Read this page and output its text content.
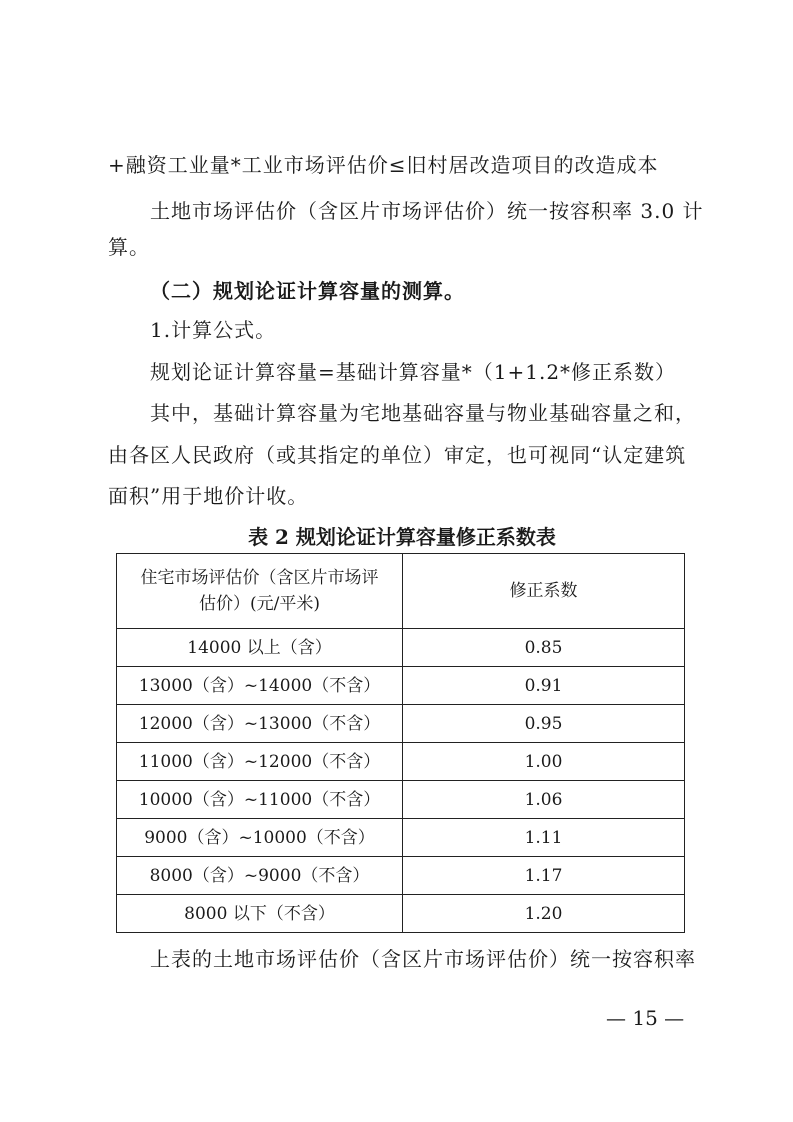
+融资工业量*工业市场评估价≤旧村居改造项目的改造成本
土地市场评估价（含区片市场评估价）统一按容积率 3.0 计
算。
（二）规划论证计算容量的测算。
1.计算公式。
规划论证计算容量=基础计算容量*（1+1.2*修正系数）
其中，基础计算容量为宅地基础容量与物业基础容量之和，
由各区人民政府（或其指定的单位）审定，也可视同“认定建筑
面积”用于地价计收。
表 2 规划论证计算容量修正系数表
住宅市场评估价（含区片市场评
估价）(元/平米)	修正系数
14000 以上（含）	0.85
13000（含）~14000（不含）	0.91
12000（含）~13000（不含）	0.95
11000（含）~12000（不含）	1.00
10000（含）~11000（不含）	1.06
9000（含）~10000（不含）	1.11
8000（含）~9000（不含）	1.17
8000 以下（不含）	1.20
上表的土地市场评估价（含区片市场评估价）统一按容积率
— 15 —
